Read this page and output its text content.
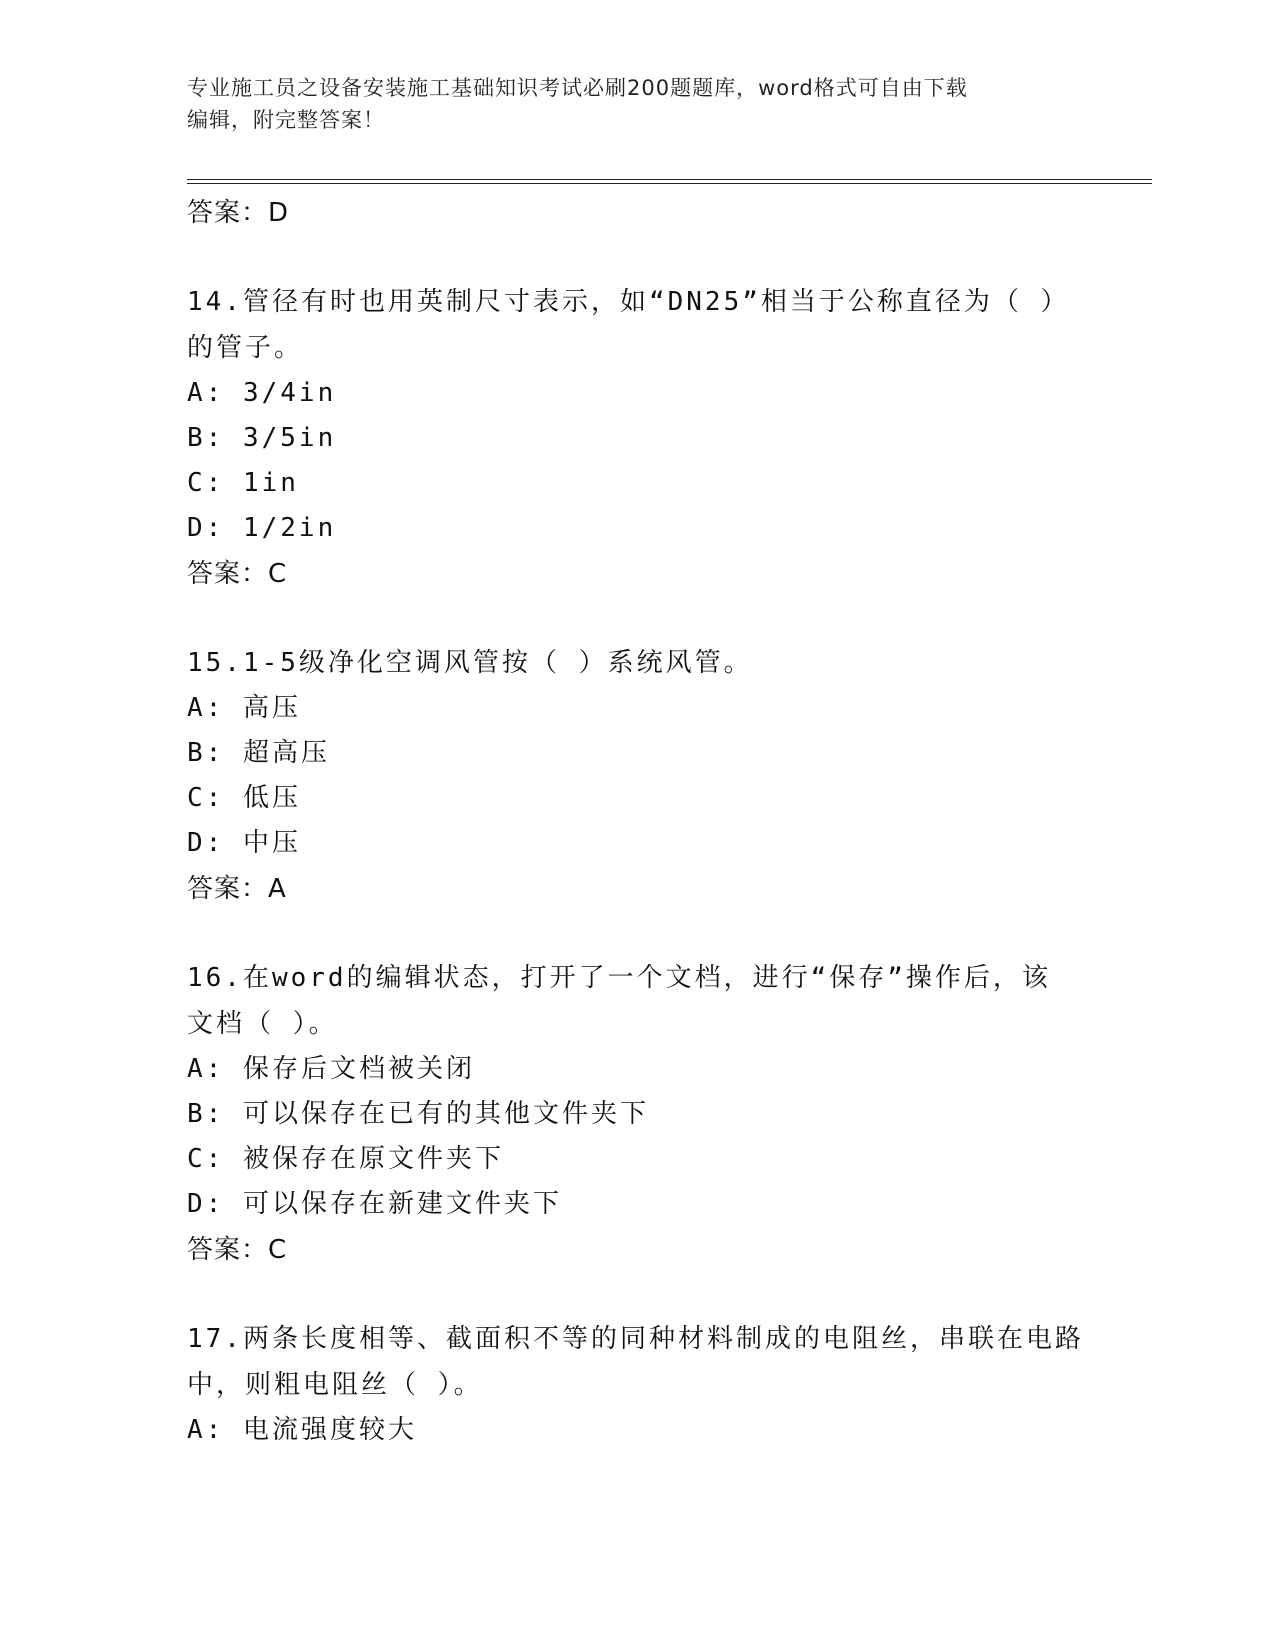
专业施工员之设备安装施工基础知识考试必刷200题题库，word格式可自由下载
编辑，附完整答案！
答案：D
14.管径有时也用英制尺寸表示，如“DN25”相当于公称直径为（ ）
的管子。
A: 3/4in
B: 3/5in
C: 1in
D: 1/2in
答案：C
15.1-5级净化空调风管按（ ）系统风管。
A: 高压
B: 超高压
C: 低压
D: 中压
答案：A
16.在word的编辑状态，打开了一个文档，进行“保存”操作后，该
文档（ ）。
A: 保存后文档被关闭
B: 可以保存在已有的其他文件夹下
C: 被保存在原文件夹下
D: 可以保存在新建文件夹下
答案：C
17.两条长度相等、截面积不等的同种材料制成的电阻丝，串联在电路
中，则粗电阻丝（ ）。
A: 电流强度较大
